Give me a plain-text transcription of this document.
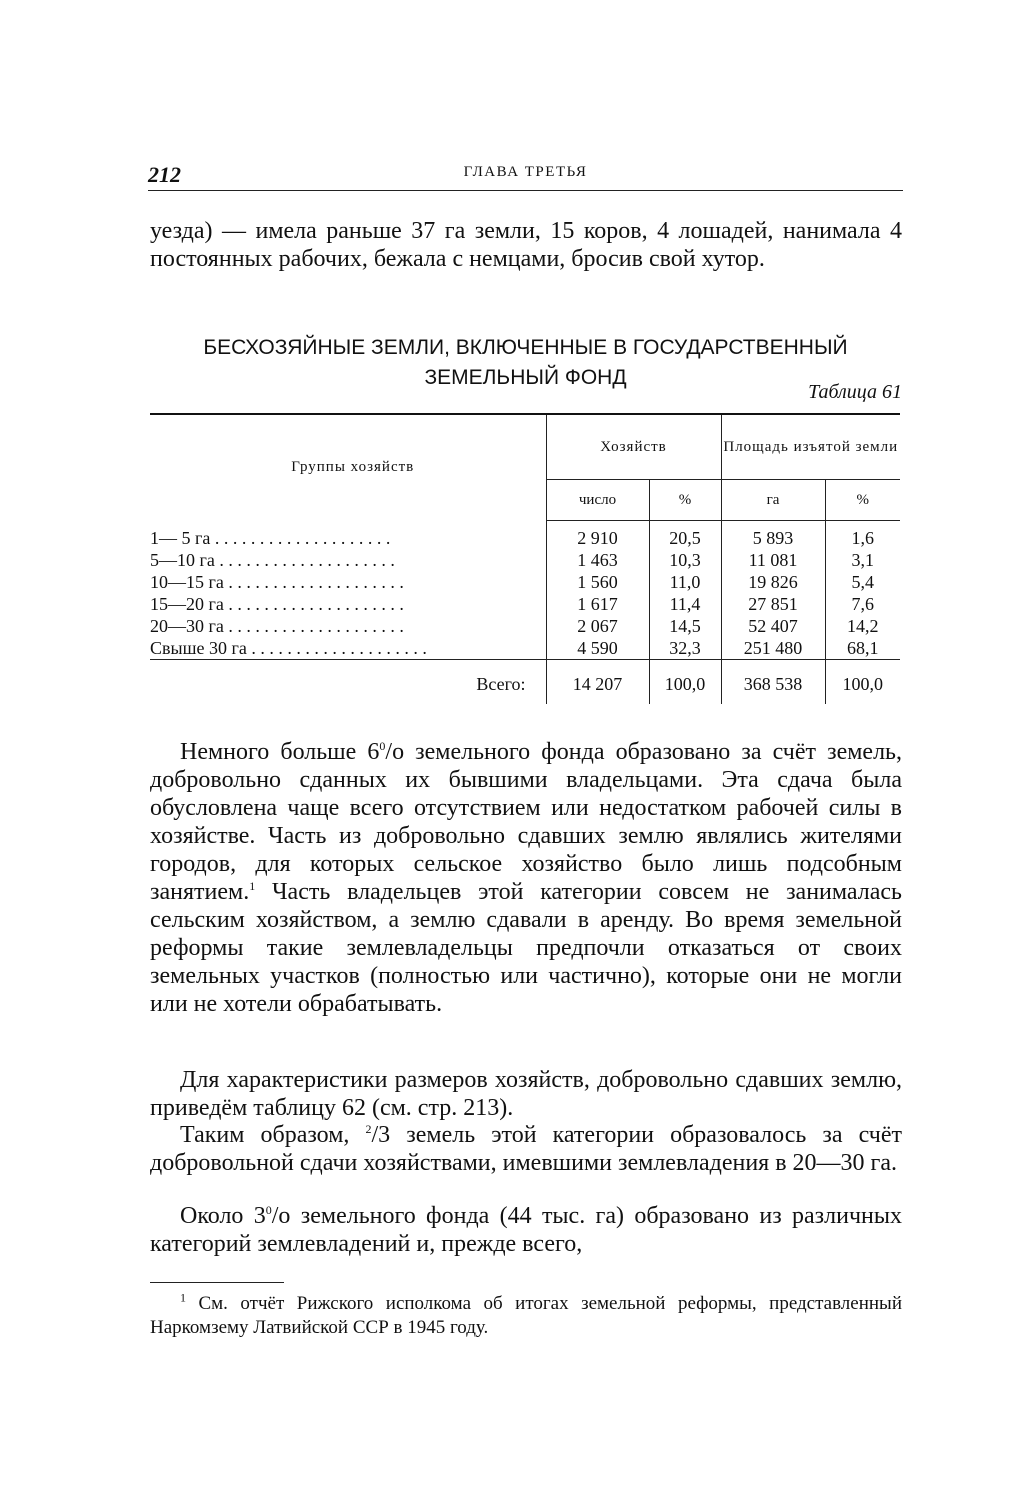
212	ГЛАВА ТРЕТЬЯ

уезда) — имела раньше 37 га земли, 15 коров, 4 лошадей, нанимала 4 постоянных рабочих, бежала с немцами, бросив свой хутор.

БЕСХОЗЯЙНЫЕ ЗЕМЛИ, ВКЛЮЧЕННЫЕ В ГОСУДАРСТВЕННЫЙ
ЗЕМЕЛЬНЫЙ ФОНД

Таблица 61
Группы хозяйств	Хозяйств		Площадь изъятой земли	
	число	%	га	%
1— 5 га . . . . . . . . . . . . . . . . . . . .	2 910	20,5	5 893	1,6
5—10 га . . . . . . . . . . . . . . . . . . . .	1 463	10,3	11 081	3,1
10—15 га . . . . . . . . . . . . . . . . . . . .	1 560	11,0	19 826	5,4
15—20 га . . . . . . . . . . . . . . . . . . . .	1 617	11,4	27 851	7,6
20—30 га . . . . . . . . . . . . . . . . . . . .	2 067	14,5	52 407	14,2
Свыше 30 га . . . . . . . . . . . . . . . . . . . .	4 590	32,3	251 480	68,1
Всего:	14 207	100,0	368 538	100,0

Немного больше $6^0/о$ земельного фонда образовано за счёт земель, добровольно сданных их бывшими владельцами. Эта сдача была обусловлена чаще всего отсутствием или недостатком рабочей силы в хозяйстве. Часть из добровольно сдавших землю являлись жителями городов, для которых сельское хозяйство было лишь подсобным занятием.$^1$ Часть владельцев этой категории совсем не занималась сельским хозяйством, а землю сдавали в аренду. Во время земельной реформы такие землевладельцы предпочли отказаться от своих земельных участков (полностью или частично), которые они не могли или не хотели обрабатывать.

Для характеристики размеров хозяйств, добровольно сдавших землю, приведём таблицу 62 (см. стр. 213).

Таким образом, $^2$/3 земель этой категории образовалось за счёт добровольной сдачи хозяйствами, имевшими землевладения в 20—30 га.

Около $3^0/о$ земельного фонда (44 тыс. га) образовано из различных категорий землевладений и, прежде всего,

$^1$ См. отчёт Рижского исполкома об итогах земельной реформы, представленный Наркомзему Латвийской ССР в 1945 году.
